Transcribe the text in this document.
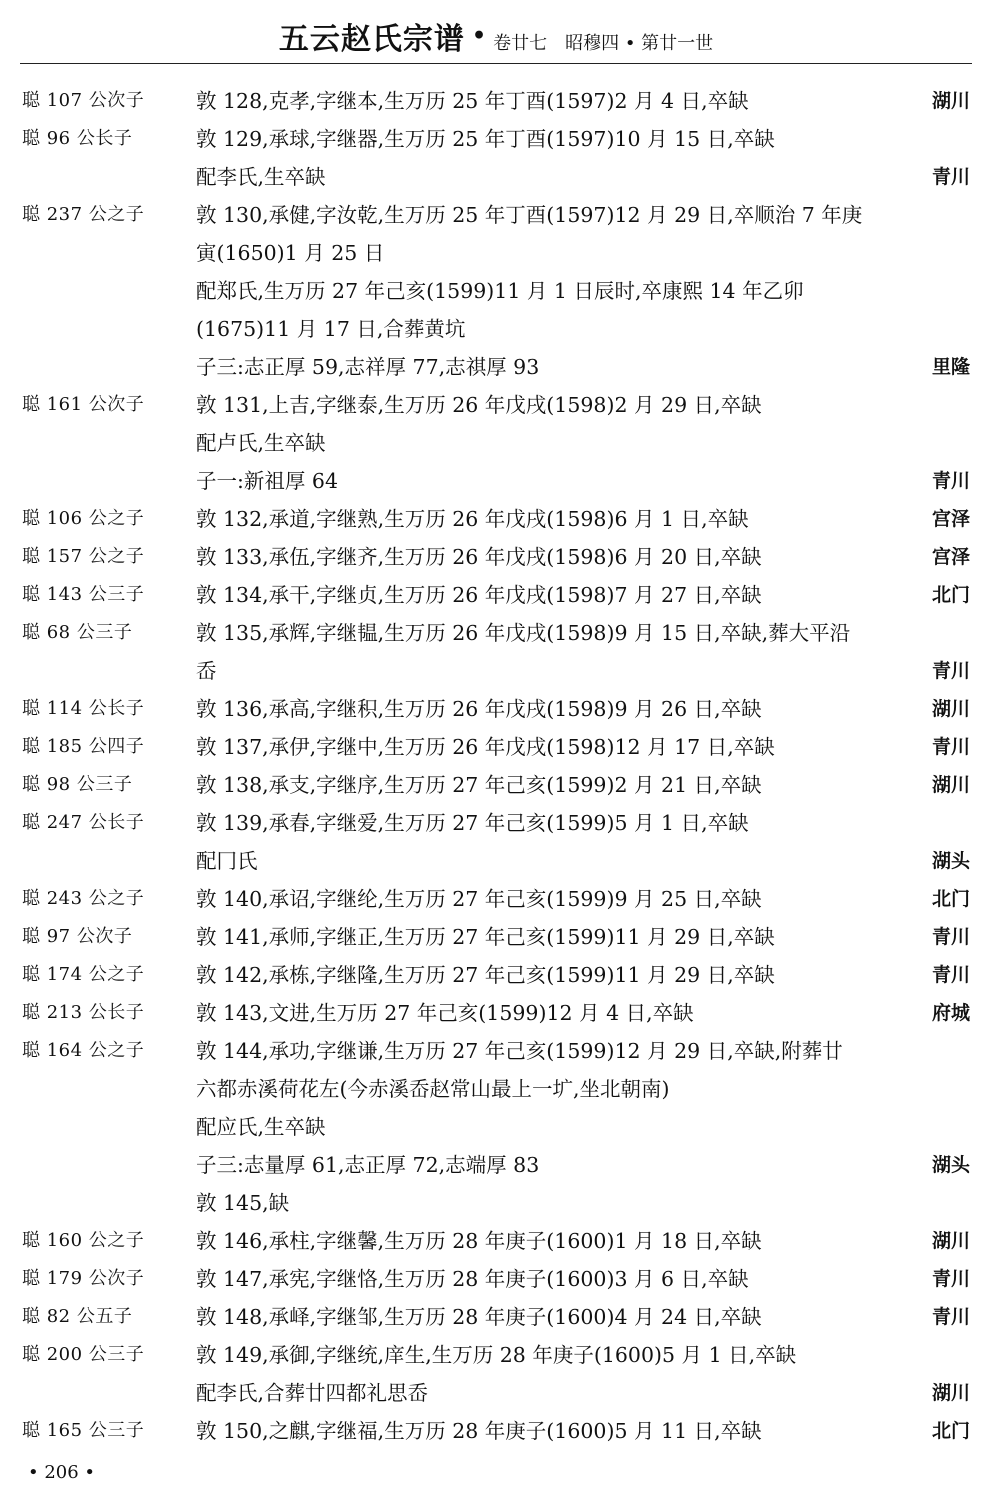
五云赵氏宗谱 • 卷廿七　昭穆四 • 第廿一世
聪 107 公次子	敦 128,克孝,字继本,生万历 25 年丁酉(1597)2 月 4 日,卒缺	湖川
聪 96 公长子	敦 129,承球,字继器,生万历 25 年丁酉(1597)10 月 15 日,卒缺
配李氏,生卒缺	青川
聪 237 公之子	敦 130,承健,字汝乾,生万历 25 年丁酉(1597)12 月 29 日,卒顺治 7 年庚
寅(1650)1 月 25 日
配郑氏,生万历 27 年己亥(1599)11 月 1 日辰时,卒康熙 14 年乙卯
(1675)11 月 17 日,合葬黄坑
子三:志正厚 59,志祥厚 77,志祺厚 93	里隆
聪 161 公次子	敦 131,上吉,字继泰,生万历 26 年戊戌(1598)2 月 29 日,卒缺
配卢氏,生卒缺
子一:新祖厚 64	青川
聪 106 公之子	敦 132,承道,字继熟,生万历 26 年戊戌(1598)6 月 1 日,卒缺	宫泽
聪 157 公之子	敦 133,承伍,字继齐,生万历 26 年戊戌(1598)6 月 20 日,卒缺	宫泽
聪 143 公三子	敦 134,承干,字继贞,生万历 26 年戊戌(1598)7 月 27 日,卒缺	北门
聪 68 公三子	敦 135,承辉,字继韫,生万历 26 年戊戌(1598)9 月 15 日,卒缺,葬大平沿
岙	青川
聪 114 公长子	敦 136,承高,字继积,生万历 26 年戊戌(1598)9 月 26 日,卒缺	湖川
聪 185 公四子	敦 137,承伊,字继中,生万历 26 年戊戌(1598)12 月 17 日,卒缺	青川
聪 98 公三子	敦 138,承支,字继序,生万历 27 年己亥(1599)2 月 21 日,卒缺	湖川
聪 247 公长子	敦 139,承春,字继爱,生万历 27 年己亥(1599)5 月 1 日,卒缺
配冂氏	湖头
聪 243 公之子	敦 140,承诏,字继纶,生万历 27 年己亥(1599)9 月 25 日,卒缺	北门
聪 97 公次子	敦 141,承师,字继正,生万历 27 年己亥(1599)11 月 29 日,卒缺	青川
聪 174 公之子	敦 142,承栋,字继隆,生万历 27 年己亥(1599)11 月 29 日,卒缺	青川
聪 213 公长子	敦 143,文进,生万历 27 年己亥(1599)12 月 4 日,卒缺	府城
聪 164 公之子	敦 144,承功,字继谦,生万历 27 年己亥(1599)12 月 29 日,卒缺,附葬廿
六都赤溪荷花左(今赤溪岙赵常山最上一圹,坐北朝南)
配应氏,生卒缺
子三:志量厚 61,志正厚 72,志端厚 83	湖头
敦 145,缺
聪 160 公之子	敦 146,承柱,字继馨,生万历 28 年庚子(1600)1 月 18 日,卒缺	湖川
聪 179 公次子	敦 147,承宪,字继恪,生万历 28 年庚子(1600)3 月 6 日,卒缺	青川
聪 82 公五子	敦 148,承峄,字继邹,生万历 28 年庚子(1600)4 月 24 日,卒缺	青川
聪 200 公三子	敦 149,承御,字继统,庠生,生万历 28 年庚子(1600)5 月 1 日,卒缺
配李氏,合葬廿四都礼思岙	湖川
聪 165 公三子	敦 150,之麒,字继福,生万历 28 年庚子(1600)5 月 11 日,卒缺	北门
• 206 •
